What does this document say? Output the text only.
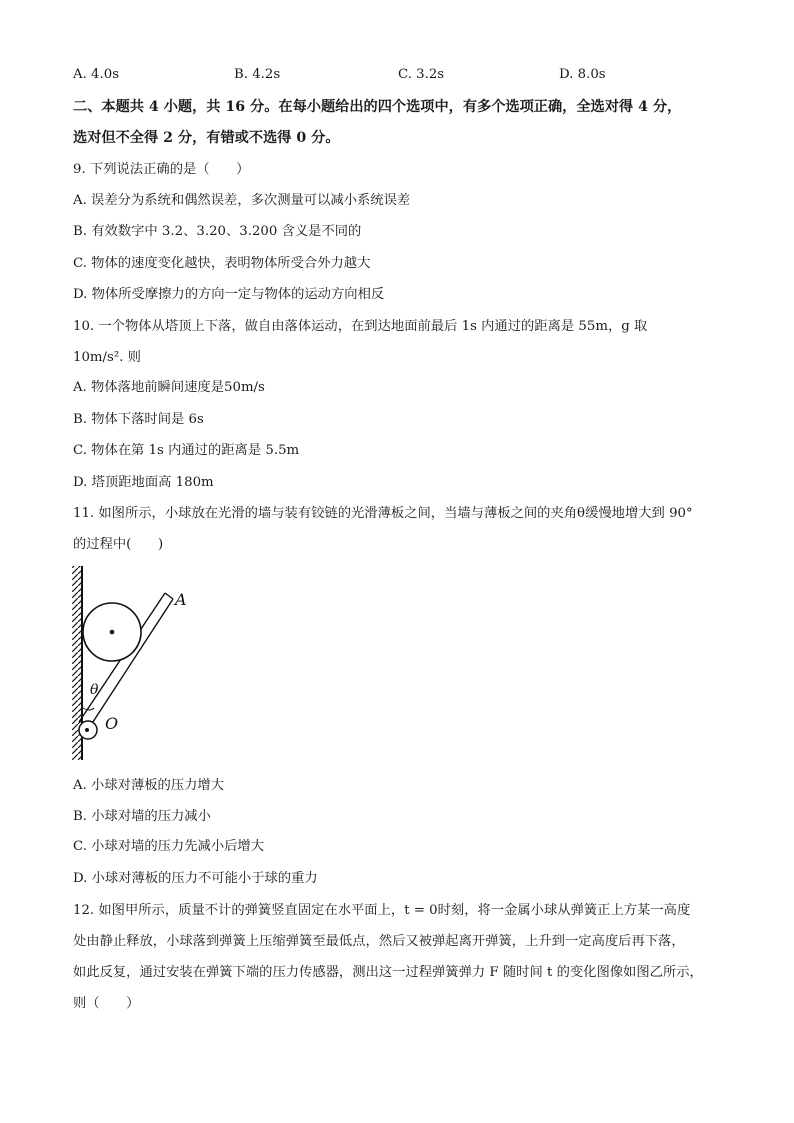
A. 4.0s	B. 4.2s	C. 3.2s	D. 8.0s

二、本题共 4 小题，共 16 分。在每小题给出的四个选项中，有多个选项正确，全选对得 4 分，

选对但不全得 2 分，有错或不选得 0 分。

9. 下列说法正确的是（　　）

A. 误差分为系统和偶然误差，多次测量可以减小系统误差

B. 有效数字中 3.2、3.20、3.200 含义是不同的

C. 物体的速度变化越快，表明物体所受合外力越大

D. 物体所受摩擦力的方向一定与物体的运动方向相反

10. 一个物体从塔顶上下落，做自由落体运动，在到达地面前最后 1s 内通过的距离是 55m，g 取

10m/s². 则

A. 物体落地前瞬间速度是50m/s

B. 物体下落时间是 6s

C. 物体在第 1s 内通过的距离是 5.5m

D. 塔顶距地面高 180m

11. 如图所示，小球放在光滑的墙与装有铰链的光滑薄板之间，当墙与薄板之间的夹角θ缓慢地增大到 90°

的过程中(　　)

A
θ
O

A. 小球对薄板的压力增大

B. 小球对墙的压力减小

C. 小球对墙的压力先减小后增大

D. 小球对薄板的压力不可能小于球的重力

12. 如图甲所示，质量不计的弹簧竖直固定在水平面上，t = 0时刻，将一金属小球从弹簧正上方某一高度

处由静止释放，小球落到弹簧上压缩弹簧至最低点，然后又被弹起离开弹簧，上升到一定高度后再下落，

如此反复，通过安装在弹簧下端的压力传感器，测出这一过程弹簧弹力 F 随时间 t 的变化图像如图乙所示，

则（　　）
